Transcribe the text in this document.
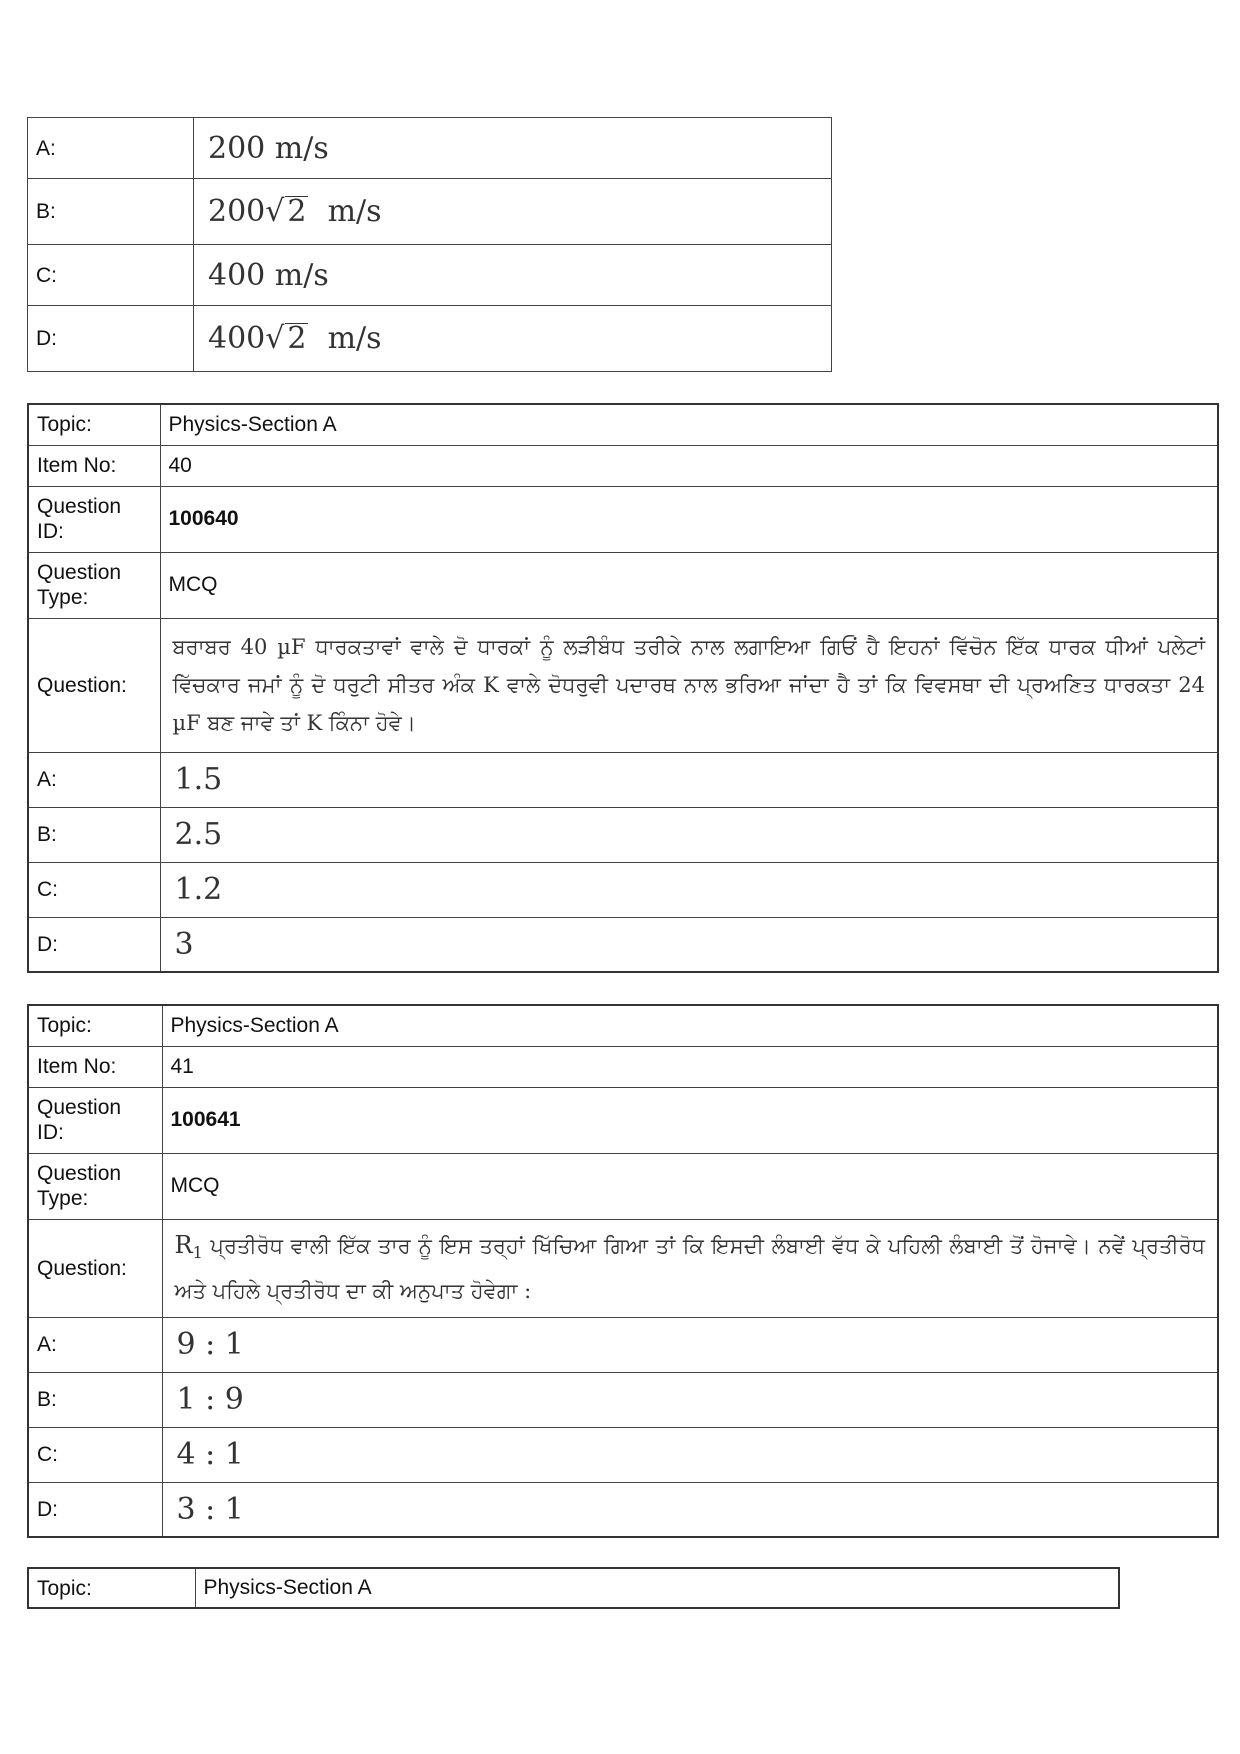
A:	200 m/s
B:	200√ 2 m/s
C:	400 m/s
D:	400√ 2 m/s
Topic:	Physics-Section A
Item No:	40
Question ID:	100640
Question Type:	MCQ
Question:	ਬਰਾਬਰ 40 µF ਧਾਰਕਤਾਵਾਂ ਵਾਲੇ ਦੋ ਧਾਰਕਾਂ ਨੂੰ ਲੜੀਬੰਧ ਤਰੀਕੇ ਨਾਲ ਲਗਾਇਆ ਗਿਓਂ ਹੈ ਇਹਨਾਂ ਵਿੱਚੋਨ ਇੱਕ ਧਾਰਕ ਧੀਆਂ ਪਲੇਟਾਂ ਵਿੱਚਕਾਰ ਜਮਾਂ ਨੂੰ ਦੋ ਧਰੁਟੀ ਸੀਤਰ ਅੰਕ K ਵਾਲੇ ਦੋਧਰੁਵੀ ਪਦਾਰਥ ਨਾਲ ਭਰਿਆ ਜਾਂਦਾ ਹੈ ਤਾਂ ਕਿ ਵਿਵਸਥਾ ਦੀ ਪ੍ਰਅਣਿਤ ਧਾਰਕਤਾ 24 µF ਬਣ ਜਾਵੇ ਤਾਂ K ਕਿੰਨਾ ਹੋਵੇ।
A:	1.5
B:	2.5
C:	1.2
D:	3
Topic:	Physics-Section A
Item No:	41
Question ID:	100641
Question Type:	MCQ
Question:	$R_1$ ਪ੍ਰਤੀਰੋਧ ਵਾਲੀ ਇੱਕ ਤਾਰ ਨੂੰ ਇਸ ਤਰ੍ਹਾਂ ਖਿੱਚਿਆ ਗਿਆ ਤਾਂ ਕਿ ਇਸਦੀ ਲੰਬਾਈ ਵੱਧ ਕੇ ਪਹਿਲੀ ਲੰਬਾਈ ਤੋਂ ਹੋਜਾਵੇ। ਨਵੇਂ ਪ੍ਰਤੀਰੋਧ ਅਤੇ ਪਹਿਲੇ ਪ੍ਰਤੀਰੋਧ ਦਾ ਕੀ ਅਨੁਪਾਤ ਹੋਵੇਗਾ :
A:	9 : 1
B:	1 : 9
C:	4 : 1
D:	3 : 1
Topic:	Physics-Section A
